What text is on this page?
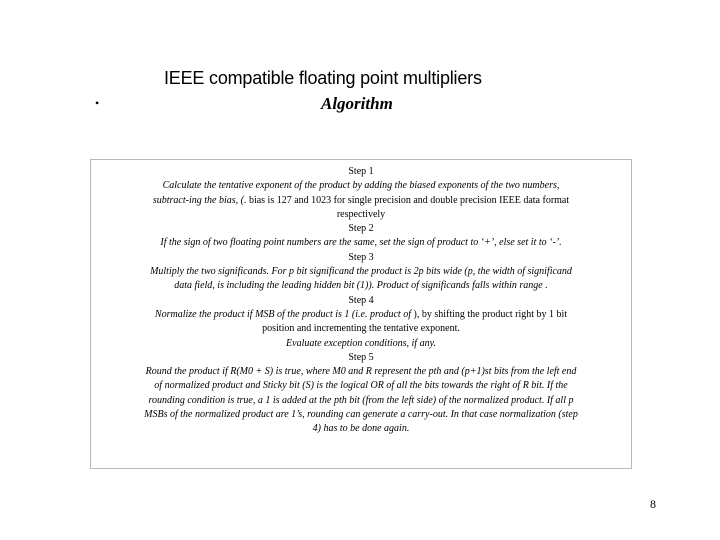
IEEE compatible floating point multipliers
•	Algorithm
Step 1
Calculate the tentative exponent of the product by adding the biased exponents of the two numbers,
subtract-ing the bias, (. bias is 127 and 1023 for single precision and double precision IEEE data format
respectively
Step 2
If the sign of two floating point numbers are the same, set the sign of product to ‘+’, else set it to ‘-’.
Step 3
Multiply the two significands. For p bit significand the product is 2p bits wide (p, the width of significand
data field, is including the leading hidden bit (1)). Product of significands falls within range .
Step 4
Normalize the product if MSB of the product is 1 (i.e. product of ), by shifting the product right by 1 bit
position and incrementing the tentative exponent.
Evaluate exception conditions, if any.
Step 5
Round the product if R(M0 + S) is true, where M0 and R represent the pth and (p+1)st bits from the left end
of normalized product and Sticky bit (S) is the logical OR of all the bits towards the right of R bit. If the
rounding condition is true, a 1 is added at the pth bit (from the left side) of the normalized product. If all p
MSBs of the normalized product are 1’s, rounding can generate a carry-out. In that case normalization (step
4) has to be done again.
8
